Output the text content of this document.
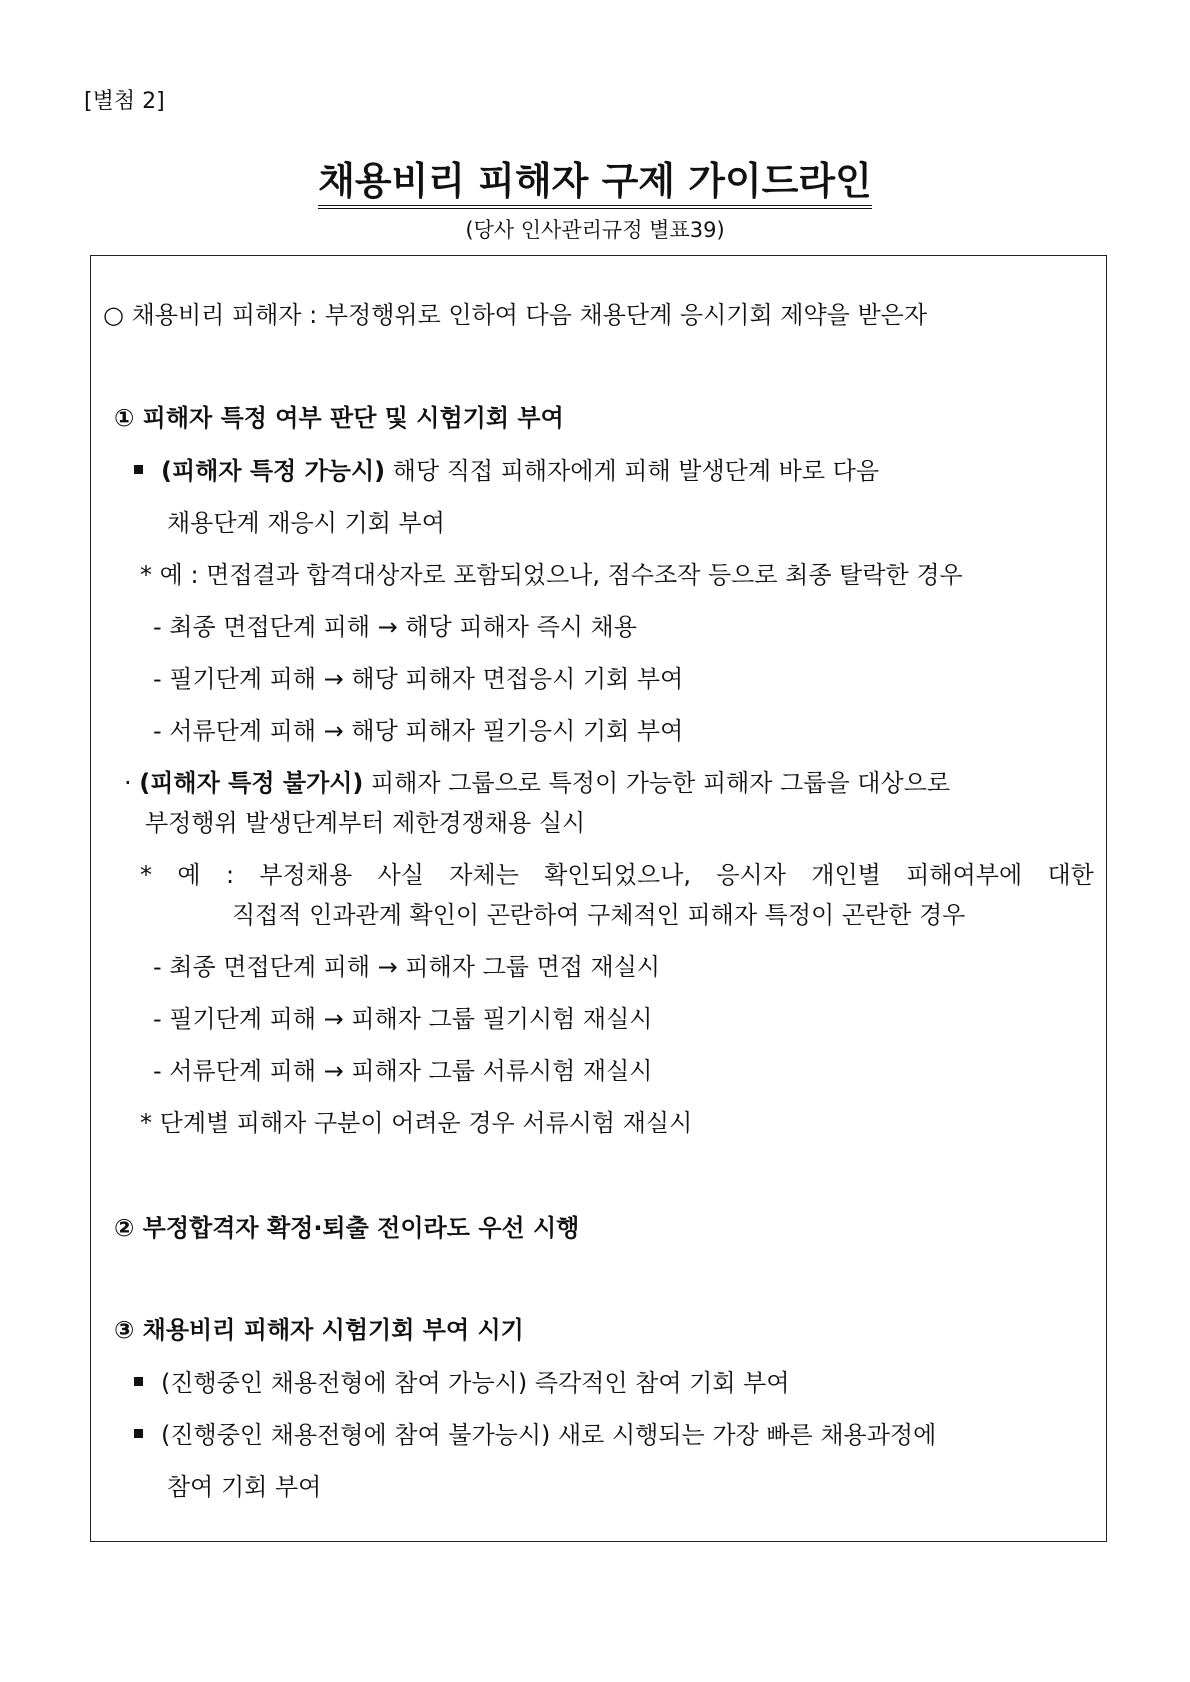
[별첨 2]
채용비리 피해자 구제 가이드라인
(당사 인사관리규정 별표39)
○ 채용비리 피해자 : 부정행위로 인하여 다음 채용단계 응시기회 제약을 받은자
① 피해자 특정 여부 판단 및 시험기회 부여
(피해자 특정 가능시) 해당 직접 피해자에게 피해 발생단계 바로 다음
채용단계 재응시 기회 부여
* 예 : 면접결과 합격대상자로 포함되었으나, 점수조작 등으로 최종 탈락한 경우
- 최종 면접단계 피해 → 해당 피해자 즉시 채용
- 필기단계 피해 → 해당 피해자 면접응시 기회 부여
- 서류단계 피해 → 해당 피해자 필기응시 기회 부여
· (피해자 특정 불가시) 피해자 그룹으로 특정이 가능한 피해자 그룹을 대상으로
부정행위 발생단계부터 제한경쟁채용 실시
* 예 : 부정채용 사실 자체는 확인되었으나, 응시자 개인별 피해여부에 대한
직접적 인과관계 확인이 곤란하여 구체적인 피해자 특정이 곤란한 경우
- 최종 면접단계 피해 → 피해자 그룹 면접 재실시
- 필기단계 피해 → 피해자 그룹 필기시험 재실시
- 서류단계 피해 → 피해자 그룹 서류시험 재실시
* 단계별 피해자 구분이 어려운 경우 서류시험 재실시
② 부정합격자 확정·퇴출 전이라도 우선 시행
③ 채용비리 피해자 시험기회 부여 시기
(진행중인 채용전형에 참여 가능시) 즉각적인 참여 기회 부여
(진행중인 채용전형에 참여 불가능시) 새로 시행되는 가장 빠른 채용과정에
참여 기회 부여
